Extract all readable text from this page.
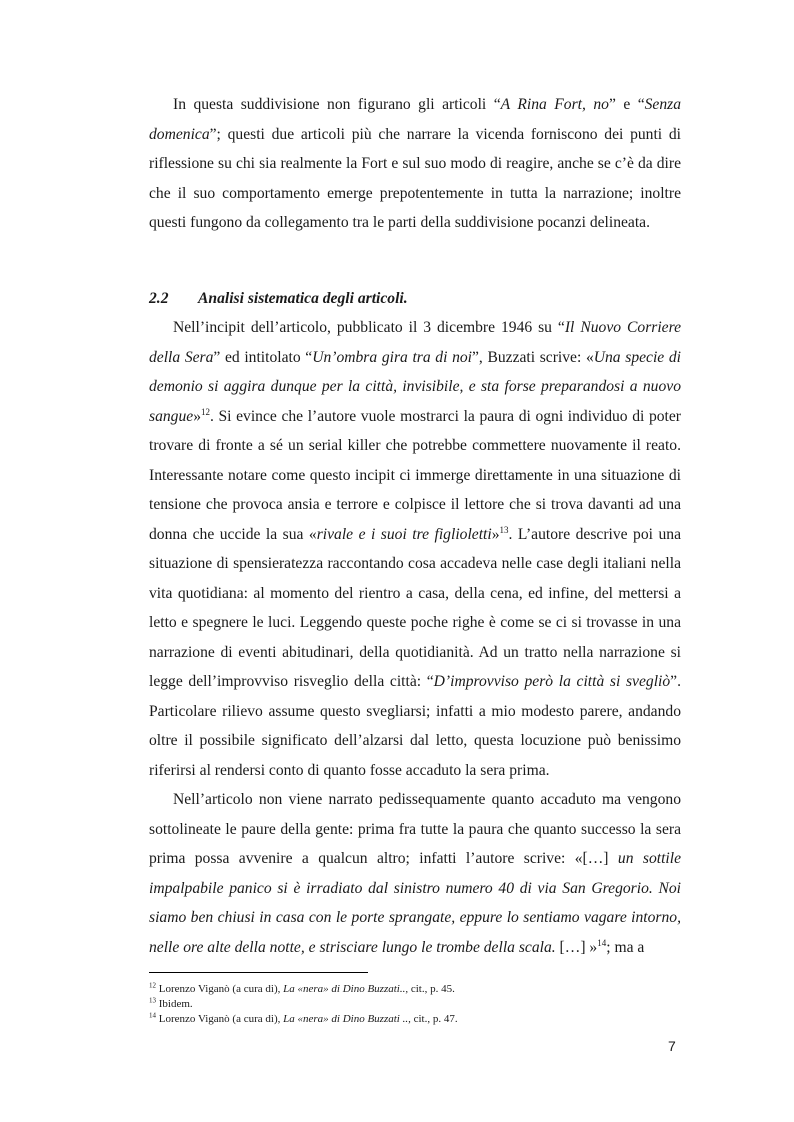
In questa suddivisione non figurano gli articoli “A Rina Fort, no” e “Senza domenica”; questi due articoli più che narrare la vicenda forniscono dei punti di riflessione su chi sia realmente la Fort e sul suo modo di reagire, anche se c’è da dire che il suo comportamento emerge prepotentemente in tutta la narrazione; inoltre questi fungono da collegamento tra le parti della suddivisione pocanzi delineata.

2.2 Analisi sistematica degli articoli.

Nell’incipit dell’articolo, pubblicato il 3 dicembre 1946 su “Il Nuovo Corriere della Sera” ed intitolato “Un’ombra gira tra di noi”, Buzzati scrive: «Una specie di demonio si aggira dunque per la città, invisibile, e sta forse preparandosi a nuovo sangue»$^{12}$. Si evince che l’autore vuole mostrarci la paura di ogni individuo di poter trovare di fronte a sé un serial killer che potrebbe commettere nuovamente il reato. Interessante notare come questo incipit ci immerge direttamente in una situazione di tensione che provoca ansia e terrore e colpisce il lettore che si trova davanti ad una donna che uccide la sua «rivale e i suoi tre figlioletti»$^{13}$. L’autore descrive poi una situazione di spensieratezza raccontando cosa accadeva nelle case degli italiani nella vita quotidiana: al momento del rientro a casa, della cena, ed infine, del mettersi a letto e spegnere le luci. Leggendo queste poche righe è come se ci si trovasse in una narrazione di eventi abitudinari, della quotidianità. Ad un tratto nella narrazione si legge dell’improvviso risveglio della città: “D’improvviso però la città si svegliò”. Particolare rilievo assume questo svegliarsi; infatti a mio modesto parere, andando oltre il possibile significato dell’alzarsi dal letto, questa locuzione può benissimo riferirsi al rendersi conto di quanto fosse accaduto la sera prima.

Nell’articolo non viene narrato pedissequamente quanto accaduto ma vengono sottolineate le paure della gente: prima fra tutte la paura che quanto successo la sera prima possa avvenire a qualcun altro; infatti l’autore scrive: «[…] un sottile impalpabile panico si è irradiato dal sinistro numero 40 di via San Gregorio. Noi siamo ben chiusi in casa con le porte sprangate, eppure lo sentiamo vagare intorno, nelle ore alte della notte, e strisciare lungo le trombe della scala. […] »$^{14}$; ma a

$^{12}$ Lorenzo Viganò (a cura di), La «nera» di Dino Buzzati.., cit., p. 45.

$^{13}$ Ibidem.

$^{14}$ Lorenzo Viganò (a cura di), La «nera» di Dino Buzzati .., cit., p. 47.

7
